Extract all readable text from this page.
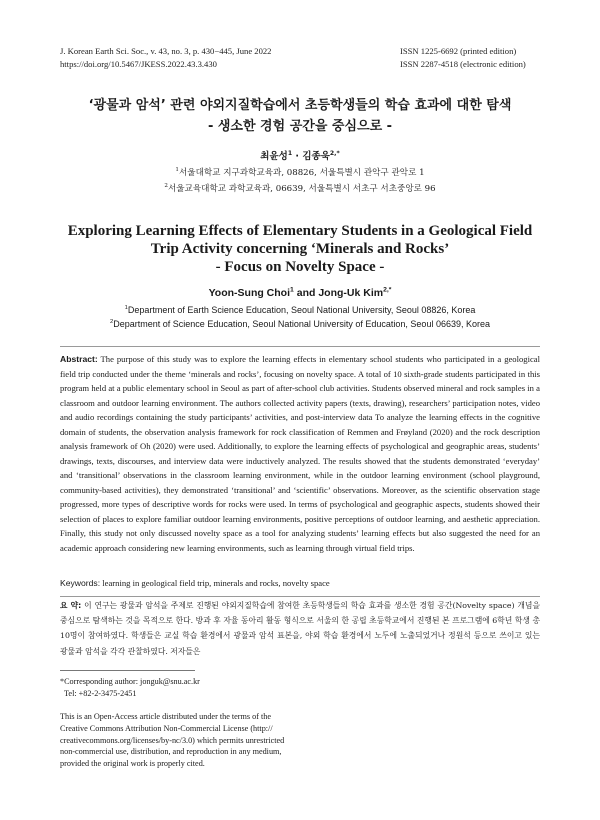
J. Korean Earth Sci. Soc., v. 43, no. 3, p. 430−445, June 2022
https://doi.org/10.5467/JKESS.2022.43.3.430
ISSN 1225-6692 (printed edition)
ISSN 2287-4518 (electronic edition)
‘광물과 암석’ 관련 야외지질학습에서 초등학생들의 학습 효과에 대한 탐색
- 생소한 경험 공간을 중심으로 -
최윤성$^1$ · 김종욱$^{2,*}$
$^1$서울대학교 지구과학교육과, 08826, 서울특별시 관악구 관악로 1
$^2$서울교육대학교 과학교육과, 06639, 서울특별시 서초구 서초중앙로 96
Exploring Learning Effects of Elementary Students in a Geological Field
Trip Activity concerning ‘Minerals and Rocks’
- Focus on Novelty Space -
Yoon-Sung Choi$^1$ and Jong-Uk Kim$^{2,*}$
$^1$Department of Earth Science Education, Seoul National University, Seoul 08826, Korea
$^2$Department of Science Education, Seoul National University of Education, Seoul 06639, Korea
Abstract: The purpose of this study was to explore the learning effects in elementary school students who participated in a geological field trip conducted under the theme ‘minerals and rocks’, focusing on novelty space. A total of 10 sixth-grade students participated in this program held at a public elementary school in Seoul as part of after-school club activities. Students observed mineral and rock samples in a classroom and outdoor learning environment. The authors collected activity papers (texts, drawing), researchers’ participation notes, video and audio recordings containing the study participants’ activities, and post-interview data To analyze the learning effects in the cognitive domain of students, the observation analysis framework for rock classification of Remmen and Frøyland (2020) and the rock description analysis framework of Oh (2020) were used. Additionally, to explore the learning effects of psychological and geographic areas, students’ drawings, texts, discourses, and interview data were inductively analyzed. The results showed that the students demonstrated ‘everyday’ and ‘transitional’ observations in the classroom learning environment, while in the outdoor learning environment (school playground, community-based activities), they demonstrated ‘transitional’ and ‘scientific’ observations. Moreover, as the scientific observation stage progressed, more types of descriptive words for rocks were used. In terms of psychological and geographic aspects, students showed their selection of places to explore familiar outdoor learning environments, positive perceptions of outdoor learning, and aesthetic appreciation. Finally, this study not only discussed novelty space as a tool for analyzing students’ learning effects but also suggested the need for an academic approach considering new learning environments, such as learning through virtual field trips.
Keywords: learning in geological field trip, minerals and rocks, novelty space
요 약: 이 연구는 광물과 암석을 주제로 진행된 야외지질학습에 참여한 초등학생들의 학습 효과를 생소한 경험 공간(Novelty space) 개념을 중심으로 탐색하는 것을 목적으로 한다. 방과 후 자율 동아리 활동 형식으로 서울의 한 공립 초등학교에서 진행된 본 프로그램에 6학년 학생 총 10명이 참여하였다. 학생들은 교실 학습 환경에서 광물과 암석 표본을, 야외 학습 환경에서 노두에 노출되었거나 정원석 등으로 쓰이고 있는 광물과 암석을 각각 관찰하였다. 저자들은
*Corresponding author: jonguk@snu.ac.kr
Tel: +82-2-3475-2451
This is an Open-Access article distributed under the terms of the
Creative Commons Attribution Non-Commercial License (http://
creativecommons.org/licenses/by-nc/3.0) which permits unrestricted
non-commercial use, distribution, and reproduction in any medium,
provided the original work is properly cited.
